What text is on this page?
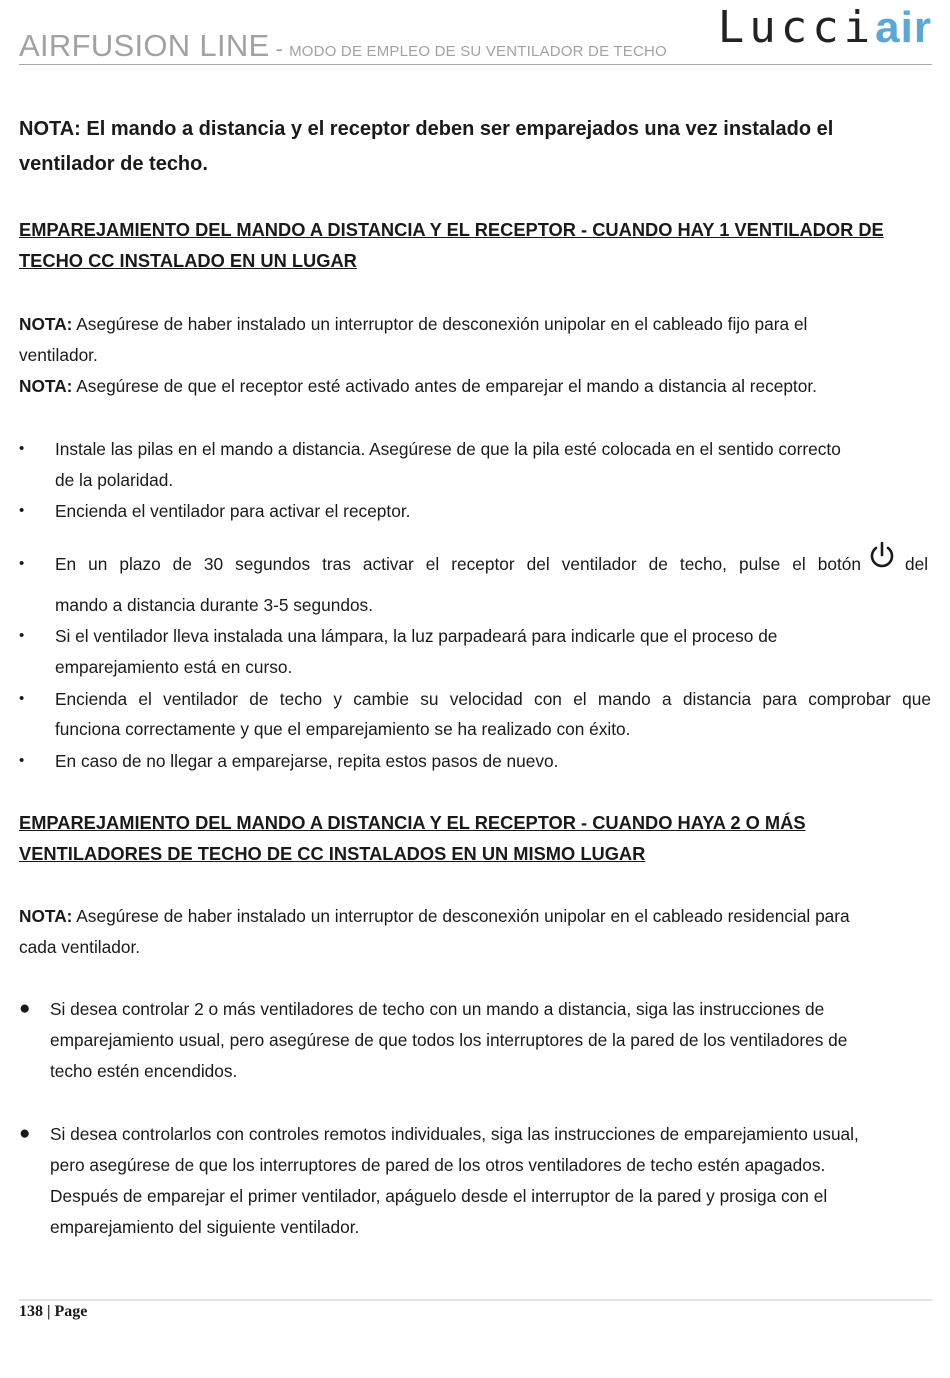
AIRFUSION LINE - MODO DE EMPLEO DE SU VENTILADOR DE TECHO Lucciair
NOTA: El mando a distancia y el receptor deben ser emparejados una vez instalado el
ventilador de techo.
EMPAREJAMIENTO DEL MANDO A DISTANCIA Y EL RECEPTOR - CUANDO HAY 1 VENTILADOR DE
TECHO CC INSTALADO EN UN LUGAR
NOTA: Asegúrese de haber instalado un interruptor de desconexión unipolar en el cableado fijo para el
ventilador.
NOTA: Asegúrese de que el receptor esté activado antes de emparejar el mando a distancia al receptor.
• Instale las pilas en el mando a distancia. Asegúrese de que la pila esté colocada en el sentido correcto
de la polaridad.
• Encienda el ventilador para activar el receptor.
• En un plazo de 30 segundos tras activar el receptor del ventilador de techo, pulse el botón	del
mando a distancia durante 3-5 segundos.
• Si el ventilador lleva instalada una lámpara, la luz parpadeará para indicarle que el proceso de
emparejamiento está en curso.
• Encienda el ventilador de techo y cambie su velocidad con el mando a distancia para comprobar que
funciona correctamente y que el emparejamiento se ha realizado con éxito.
• En caso de no llegar a emparejarse, repita estos pasos de nuevo.
EMPAREJAMIENTO DEL MANDO A DISTANCIA Y EL RECEPTOR - CUANDO HAYA 2 O MÁS
VENTILADORES DE TECHO DE CC INSTALADOS EN UN MISMO LUGAR
NOTA: Asegúrese de haber instalado un interruptor de desconexión unipolar en el cableado residencial para
cada ventilador.
● Si desea controlar 2 o más ventiladores de techo con un mando a distancia, siga las instrucciones de
emparejamiento usual, pero asegúrese de que todos los interruptores de la pared de los ventiladores de
techo estén encendidos.
● Si desea controlarlos con controles remotos individuales, siga las instrucciones de emparejamiento usual,
pero asegúrese de que los interruptores de pared de los otros ventiladores de techo estén apagados.
Después de emparejar el primer ventilador, apáguelo desde el interruptor de la pared y prosiga con el
emparejamiento del siguiente ventilador.
138 | Page
